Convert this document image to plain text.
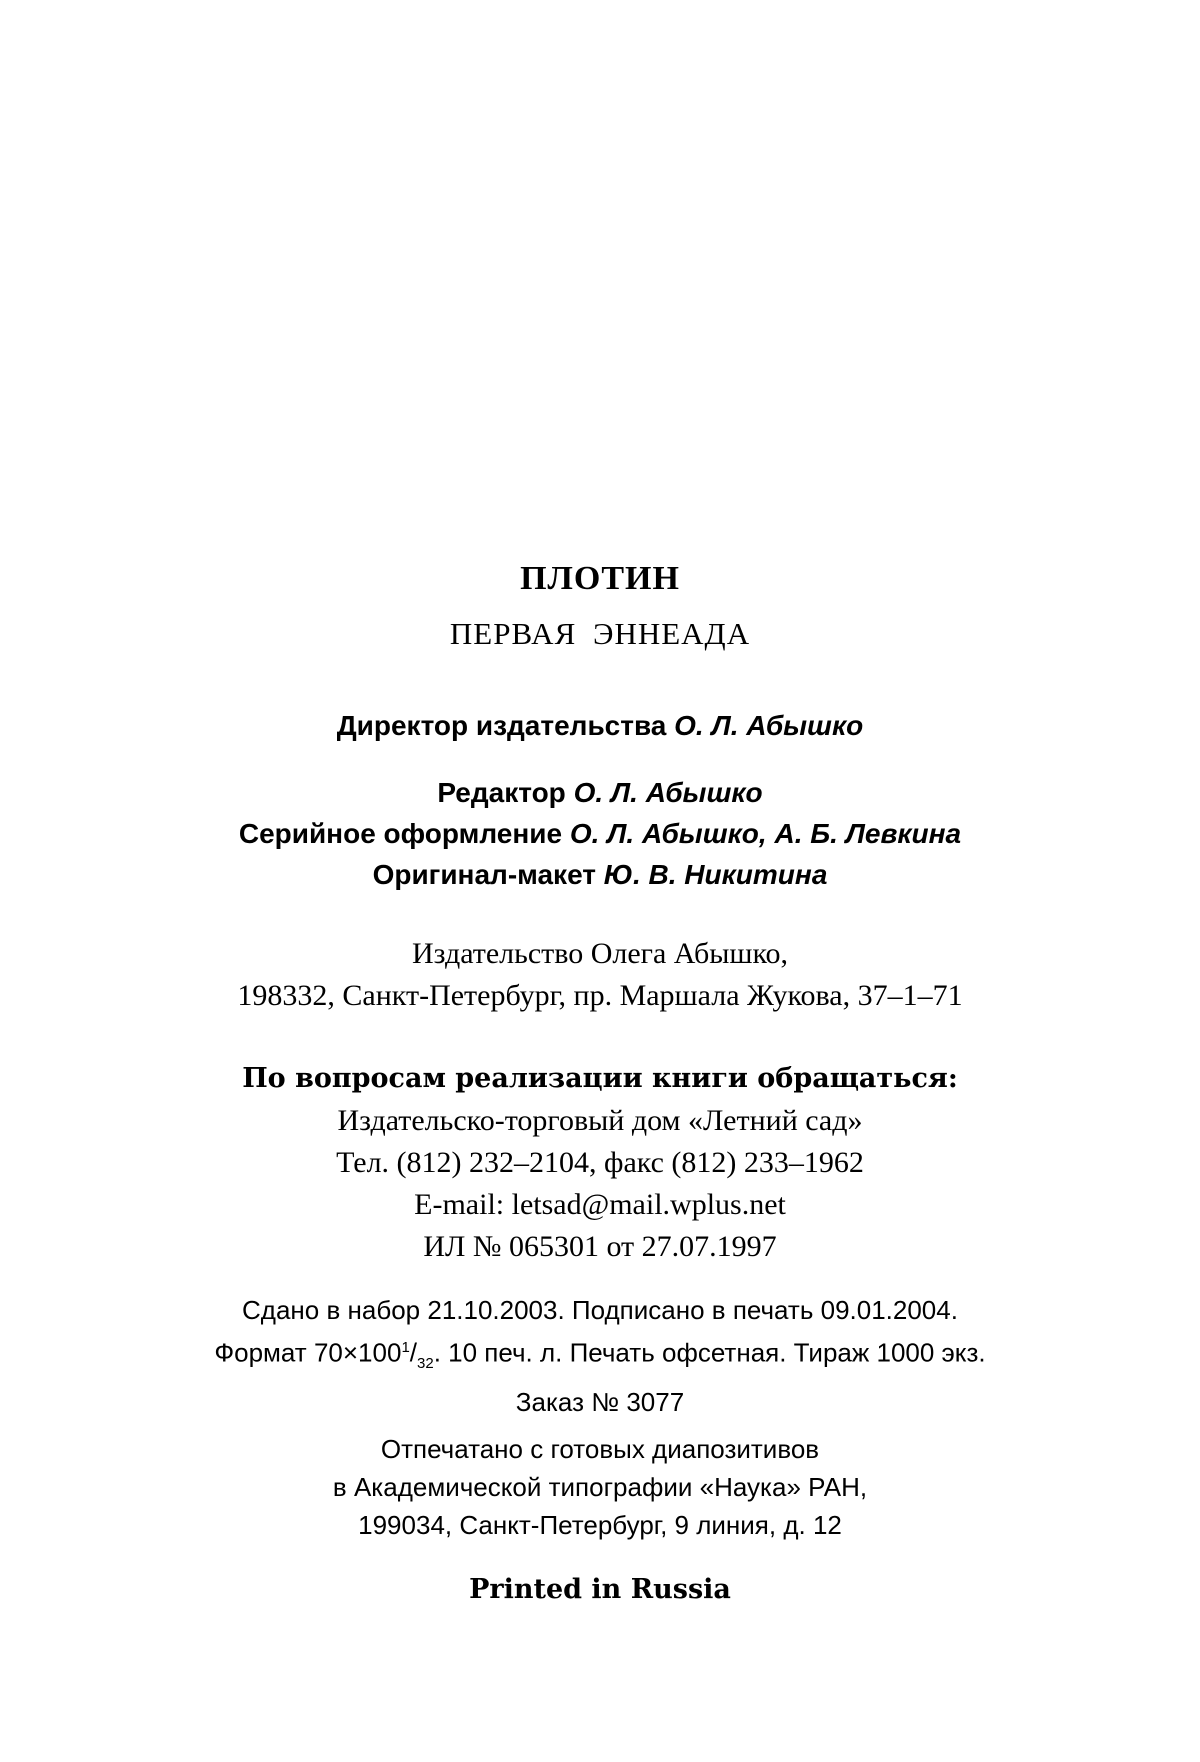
ПЛОТИН
ПЕРВАЯ ЭННЕАДА
Директор издательства О. Л. Абышко
Редактор О. Л. Абышко
Серийное оформление О. Л. Абышко, А. Б. Левкина
Оригинал-макет Ю. В. Никитина
Издательство Олега Абышко,
198332, Санкт-Петербург, пр. Маршала Жукова, 37–1–71
По вопросам реализации книги обращаться:
Издательско-торговый дом «Летний сад»
Тел. (812) 232–2104, факс (812) 233–1962
E-mail: letsad@mail.wplus.net
ИЛ № 065301 от 27.07.1997
Сдано в набор 21.10.2003. Подписано в печать 09.01.2004.
Формат $70\times 100^1/_{32}$. 10 печ. л. Печать офсетная. Тираж 1000 экз.
Заказ № 3077
Отпечатано с готовых диапозитивов
в Академической типографии «Наука» РАН,
199034, Санкт-Петербург, 9 линия, д. 12
Printed in Russia
